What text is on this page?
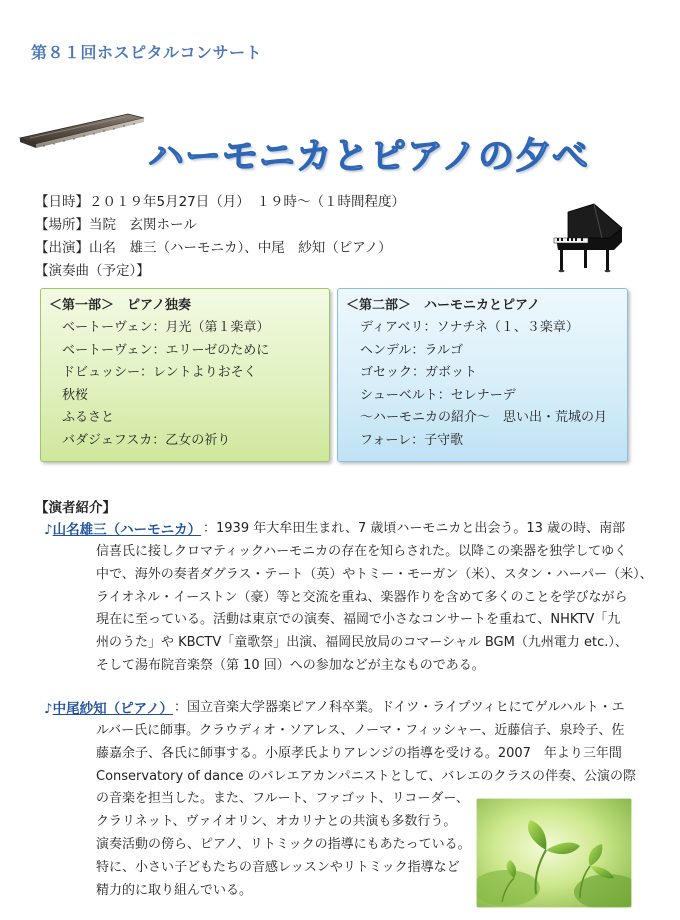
第８１回ホスピタルコンサート
ハーモニカとピアノの夕べ
【日時】２０１９年5月27日（月）　１９時～（１時間程度）
【場所】当院　玄関ホール
【出演】山名　雄三（ハーモニカ）、中尾　紗知（ピアノ）
【演奏曲（予定）】
＜第一部＞　ピアノ独奏
ベートーヴェン：月光（第１楽章）
ベートーヴェン：エリーゼのために
ドビュッシー：レントよりおそく
秋桜
ふるさと
バダジェフスカ：乙女の祈り
＜第二部＞　ハーモニカとピアノ
ディアベリ：ソナチネ（１、３楽章）
ヘンデル：ラルゴ
ゴセック：ガボット
シューベルト：セレナーデ
～ハーモニカの紹介～　思い出・荒城の月
フォーレ：子守歌
【演者紹介】
♪山名雄三（ハーモニカ） ：1939 年大牟田生まれ、7 歳頃ハーモニカと出会う。13 歳の時、南部
信喜氏に接しクロマティックハーモニカの存在を知らされた。以降この楽器を独学してゆく
中で、海外の奏者ダグラス・テート（英）やトミー・モーガン（米）、スタン・ハーパー（米）、
ライオネル・イーストン（豪）等と交流を重ね、楽器作りを含めて多くのことを学びながら
現在に至っている。活動は東京での演奏、福岡で小さなコンサートを重ねて、NHKTV「九
州のうた」や KBCTV「童歌祭」出演、福岡民放局のコマーシャル BGM（九州電力 etc.）、
そして湯布院音楽祭（第 10 回）への参加などが主なものである。
♪中尾紗知（ピアノ） ：国立音楽大学器楽ピアノ科卒業。ドイツ・ライプツィヒにてゲルハルト・エ
ルバー氏に師事。クラウディオ・ソアレス、ノーマ・フィッシャー、近藤信子、泉玲子、佐
藤嘉余子、各氏に師事する。小原孝氏よりアレンジの指導を受ける。2007　年より三年間
Conservatory of dance のバレエアカンパニストとして、バレエのクラスの伴奏、公演の際
の音楽を担当した。また、フルート、ファゴット、リコーダー、
クラリネット、ヴァイオリン、オカリナとの共演も多数行う。
演奏活動の傍ら、ピアノ、リトミックの指導にもあたっている。
特に、小さい子どもたちの音感レッスンやリトミック指導など
精力的に取り組んでいる。
